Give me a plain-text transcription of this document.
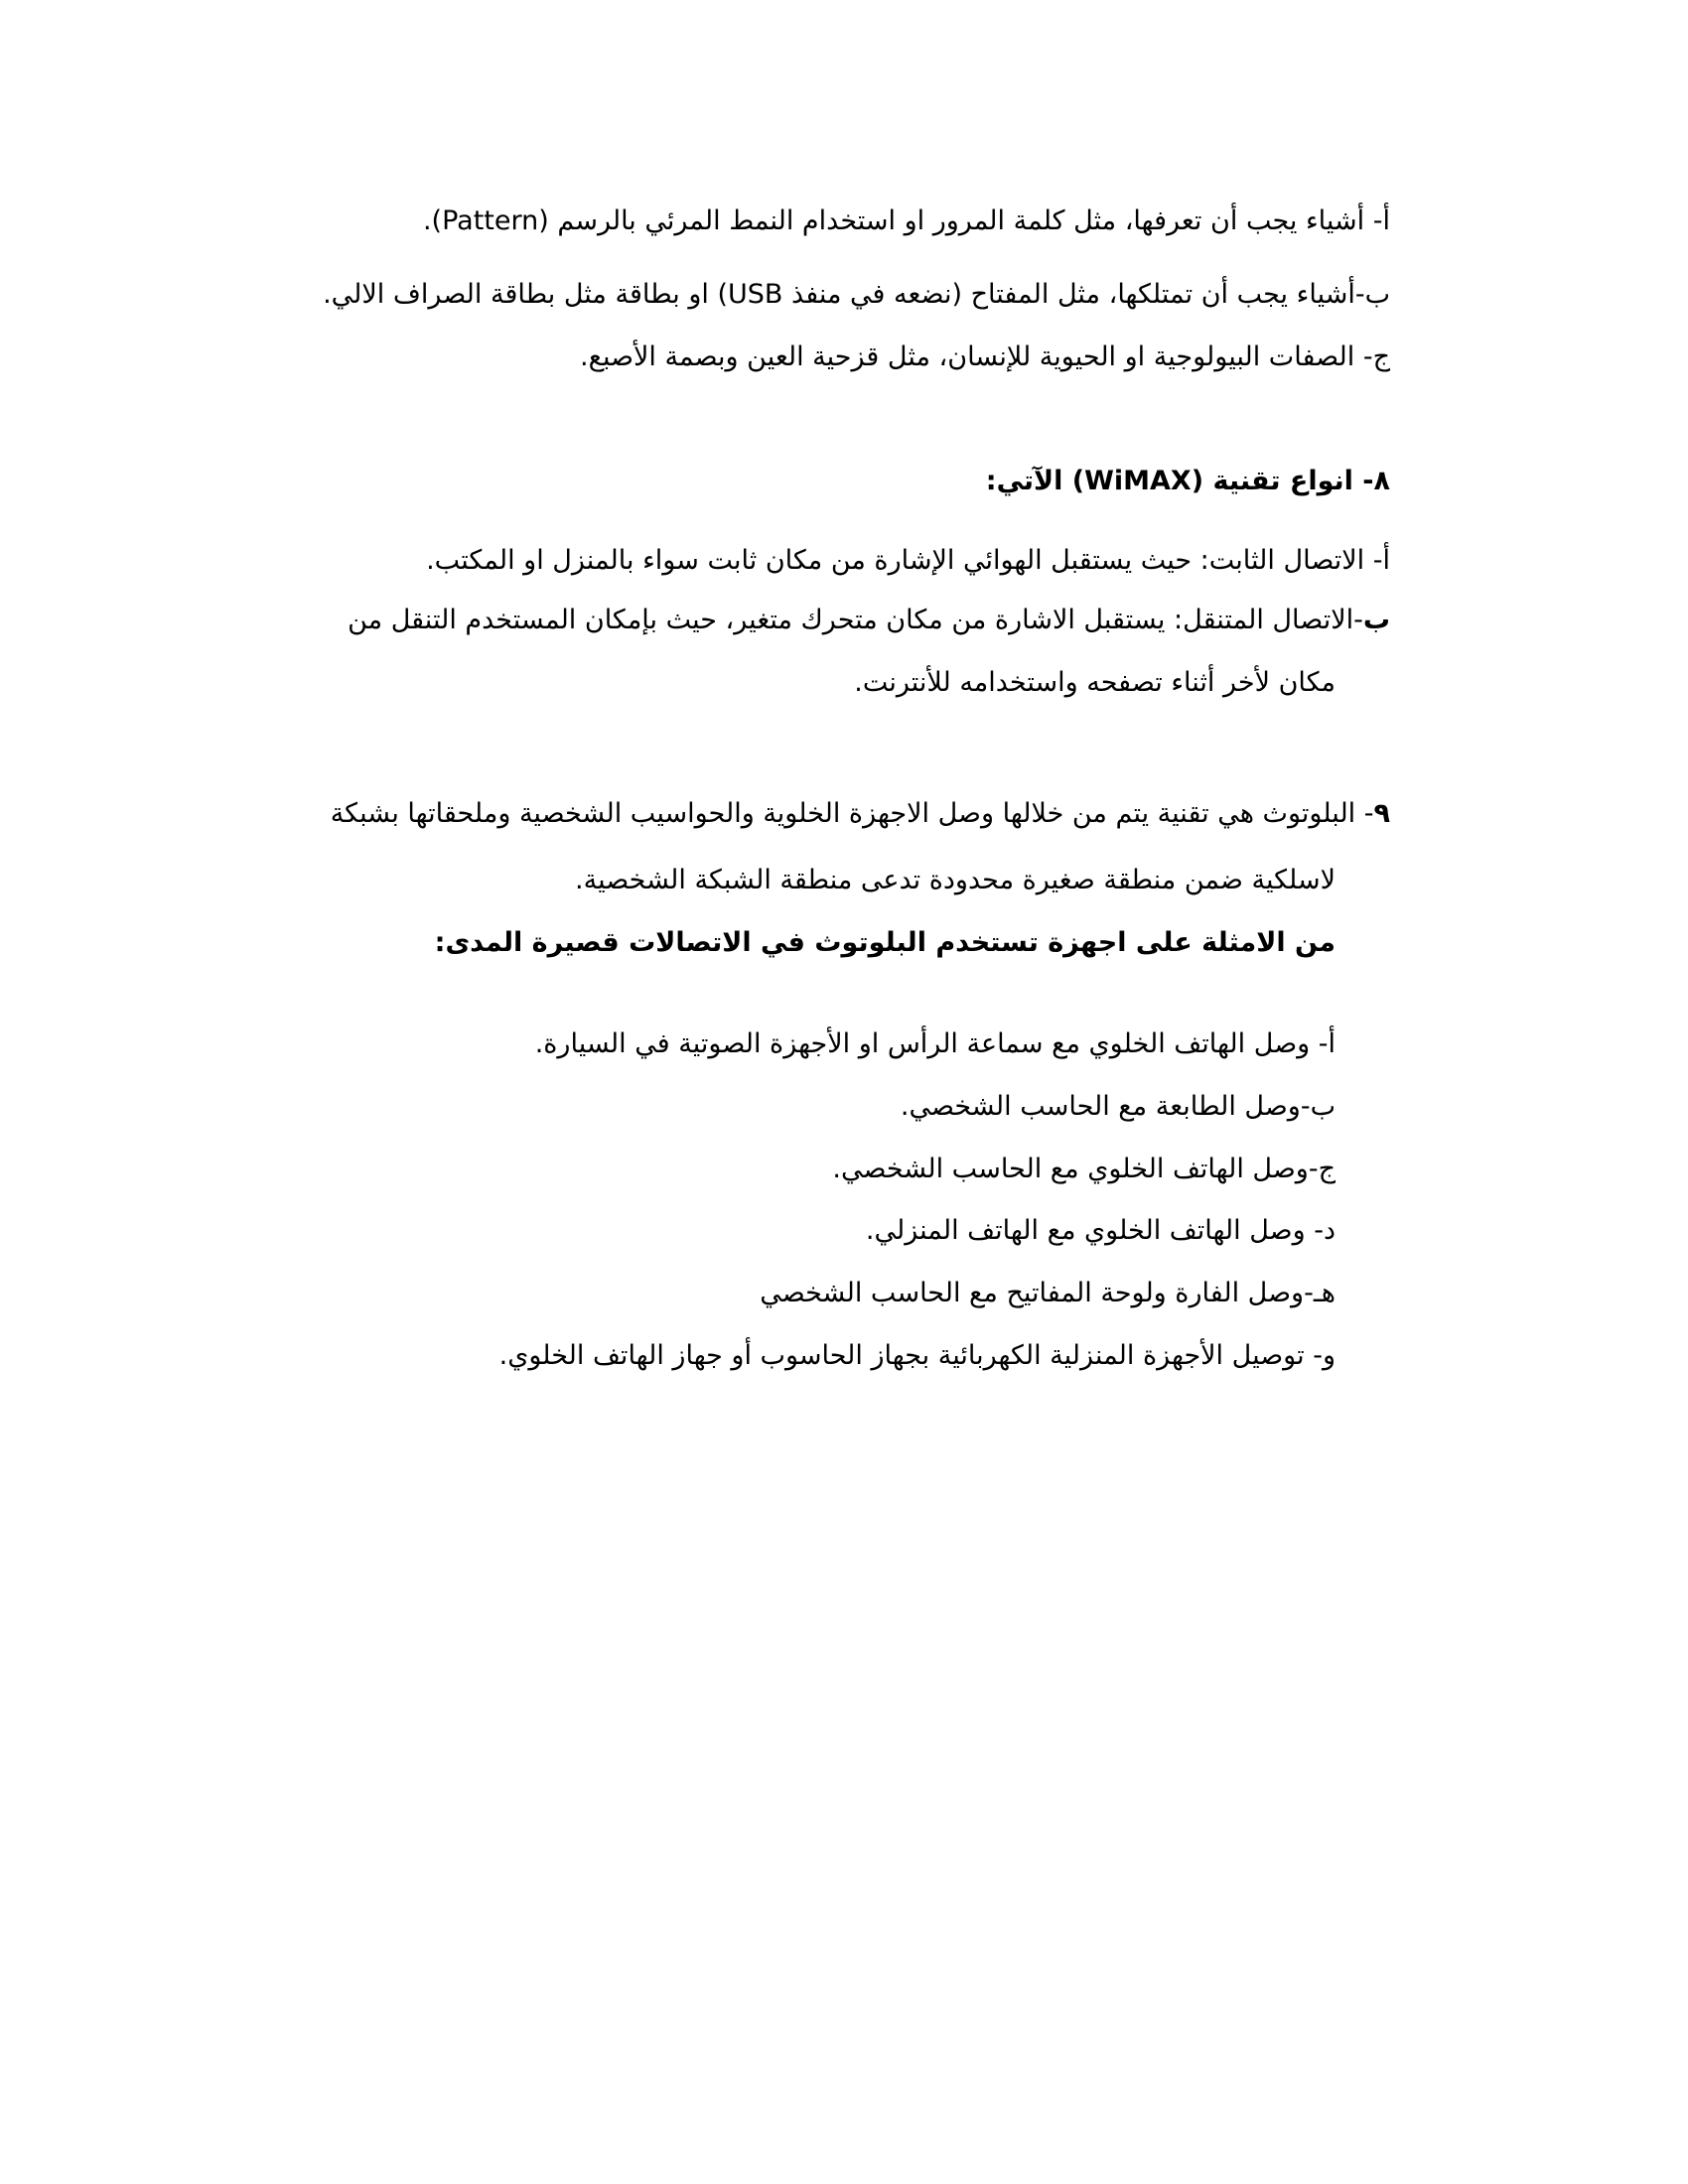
أ- أشياء يجب أن تعرفها، مثل كلمة المرور او استخدام النمط المرئي بالرسم (Pattern).
ب-أشياء يجب أن تمتلكها، مثل المفتاح (نضعه في منفذ USB) او بطاقة مثل بطاقة الصراف الالي.
ج- الصفات البيولوجية او الحيوية للإنسان، مثل قزحية العين وبصمة الأصبع.
٨- انواع تقنية (WiMAX) الآتي:
أ- الاتصال الثابت: حيث يستقبل الهوائي الإشارة من مكان ثابت سواء بالمنزل او المكتب.
ب-الاتصال المتنقل: يستقبل الاشارة من مكان متحرك متغير، حيث بإمكان المستخدم التنقل من
مكان لأخر أثناء تصفحه واستخدامه للأنترنت.
٩- البلوتوث هي تقنية يتم من خلالها وصل الاجهزة الخلوية والحواسيب الشخصية وملحقاتها بشبكة
لاسلكية ضمن منطقة صغيرة محدودة تدعى منطقة الشبكة الشخصية.
من الامثلة على اجهزة تستخدم البلوتوث في الاتصالات قصيرة المدى:
أ- وصل الهاتف الخلوي مع سماعة الرأس او الأجهزة الصوتية في السيارة.
ب-وصل الطابعة مع الحاسب الشخصي.
ج-وصل الهاتف الخلوي مع الحاسب الشخصي.
د- وصل الهاتف الخلوي مع الهاتف المنزلي.
هـ-وصل الفارة ولوحة المفاتيح مع الحاسب الشخصي
و- توصيل الأجهزة المنزلية الكهربائية بجهاز الحاسوب أو جهاز الهاتف الخلوي.
